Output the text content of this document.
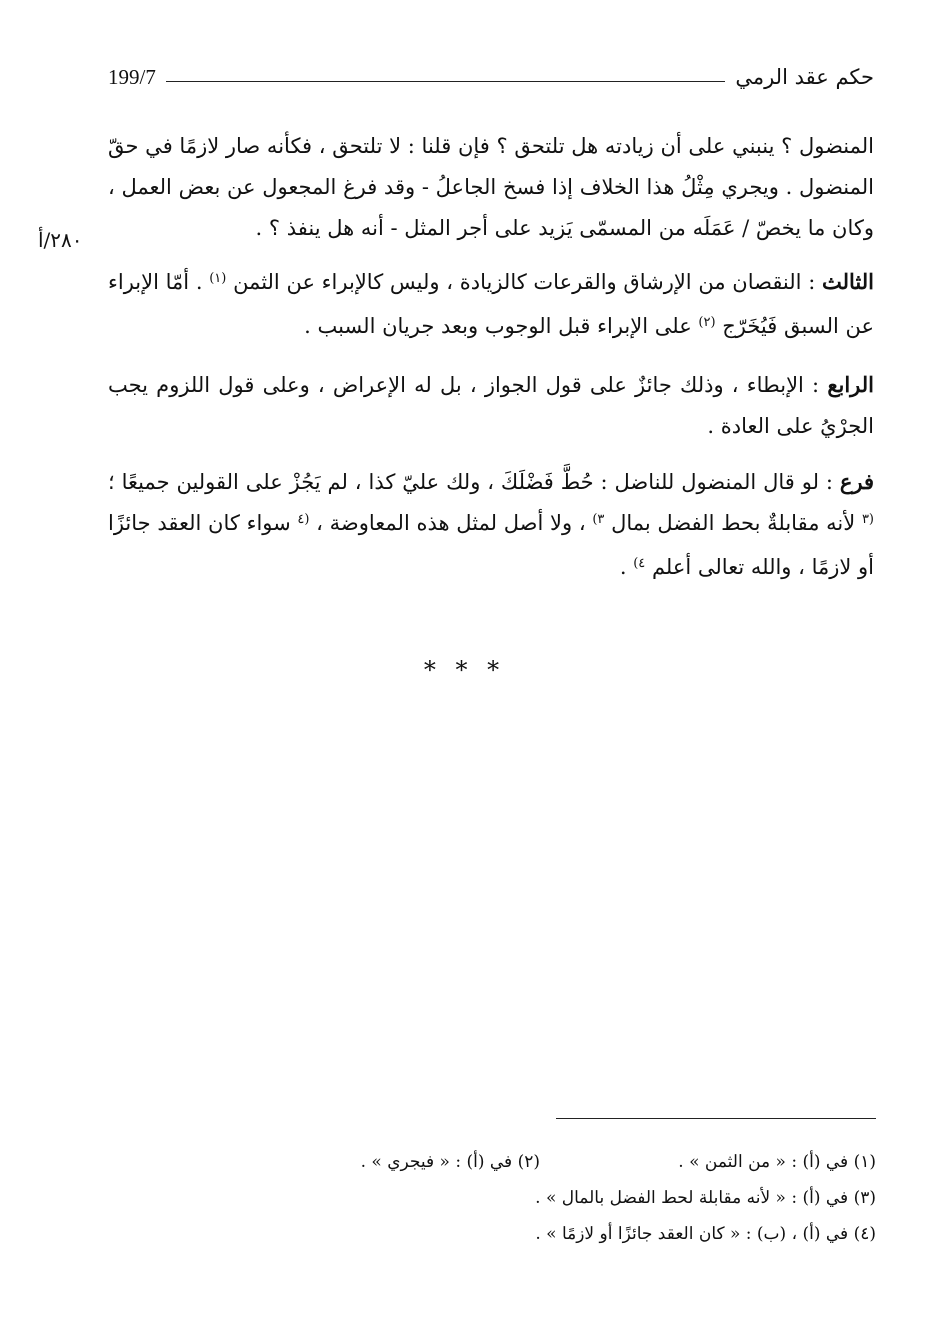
حكم عقد الرمي
199/7
٢٨٠/أ

المنضول ؟ ينبني على أن زيادته هل تلتحق ؟ فإن قلنا : لا تلتحق ، فكأنه صار لازمًا في حقّ المنضول . ويجري مِثْلُ هذا الخلاف إذا فسخ الجاعلُ - وقد فرغ المجعول عن بعض العمل ، وكان ما يخصّ / عَمَلَه من المسمّى يَزيد على أجر المثل - أنه هل ينفذ ؟ .

الثالث : النقصان من الإرشاق والقرعات كالزيادة ، وليس كالإبراء عن الثمن $^{(١)}$ . أمّا الإبراء عن السبق فَيُخَرّج $^{(٢)}$ على الإبراء قبل الوجوب وبعد جريان السبب .

الرابع : الإبطاء ، وذلك جائزٌ على قول الجواز ، بل له الإعراض ، وعلى قول اللزوم يجب الجرْيُ على العادة .

فرع : لو قال المنضول للناضل : حُطَّ فَضْلَكَ ، ولك عليّ كذا ، لم يَجُزْ على القولين جميعًا ؛ $^{(٣}$ لأنه مقابلةٌ بحط الفضل بمال $^{٣)}$ ، ولا أصل لمثل هذه المعاوضة ، $^{(٤}$ سواء كان العقد جائزًا أو لازمًا ، والله تعالى أعلم $^{٤)}$ .

* * *
(١) في (أ) : « من الثمن » .
(٢) في (أ) : « فيجري » .
(٣) في (أ) : « لأنه مقابلة لحط الفضل بالمال » .
(٤) في (أ) ، (ب) : « كان العقد جائزًا أو لازمًا » .
